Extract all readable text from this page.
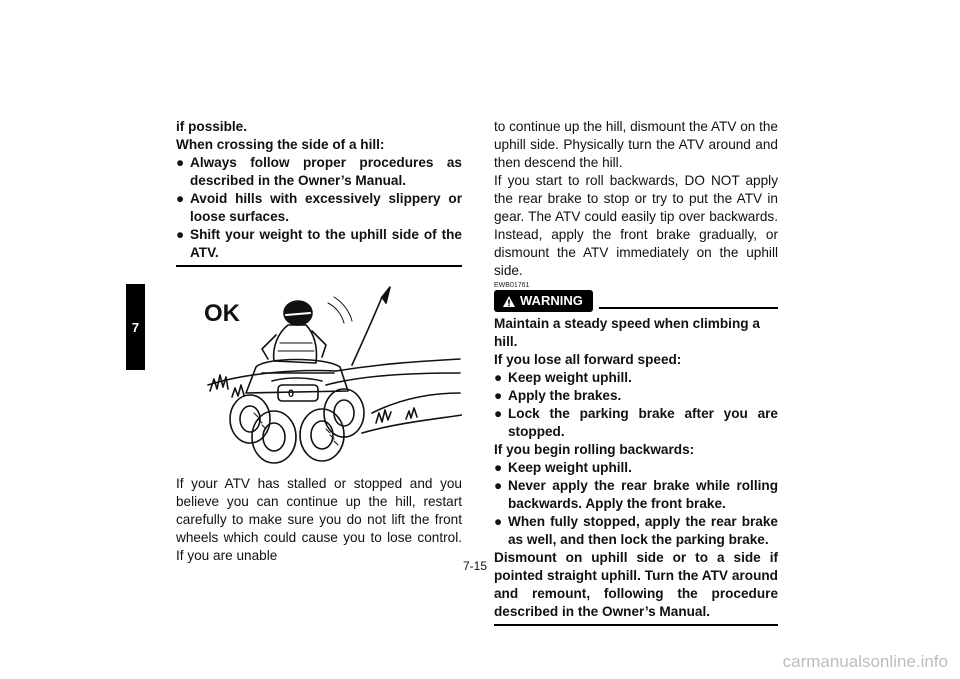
7
if possible.
When crossing the side of a hill:
● Always follow proper procedures as described in the Owner’s Manual.
● Avoid hills with excessively slippery or loose surfaces.
● Shift your weight to the uphill side of the ATV.
0
OK

If your ATV has stalled or stopped and you believe you can continue up the hill, restart carefully to make sure you do not lift the front wheels which could cause you to lose control. If you are unable

to continue up the hill, dismount the ATV on the uphill side. Physically turn the ATV around and then descend the hill.

If you start to roll backwards, DO NOT apply the rear brake to stop or try to put the ATV in gear. The ATV could easily tip over backwards. Instead, apply the front brake gradually, or dismount the ATV immediately on the uphill side.

EWB01761
WARNING
Maintain a steady speed when climbing a hill.
If you lose all forward speed:
● Keep weight uphill.
● Apply the brakes.
● Lock the parking brake after you are stopped.
If you begin rolling backwards:
● Keep weight uphill.
● Never apply the rear brake while rolling backwards. Apply the front brake.
● When fully stopped, apply the rear brake as well, and then lock the parking brake.

Dismount on uphill side or to a side if pointed straight uphill. Turn the ATV around and remount, following the procedure described in the Owner’s Manual.

7-15
carmanualsonline.info
